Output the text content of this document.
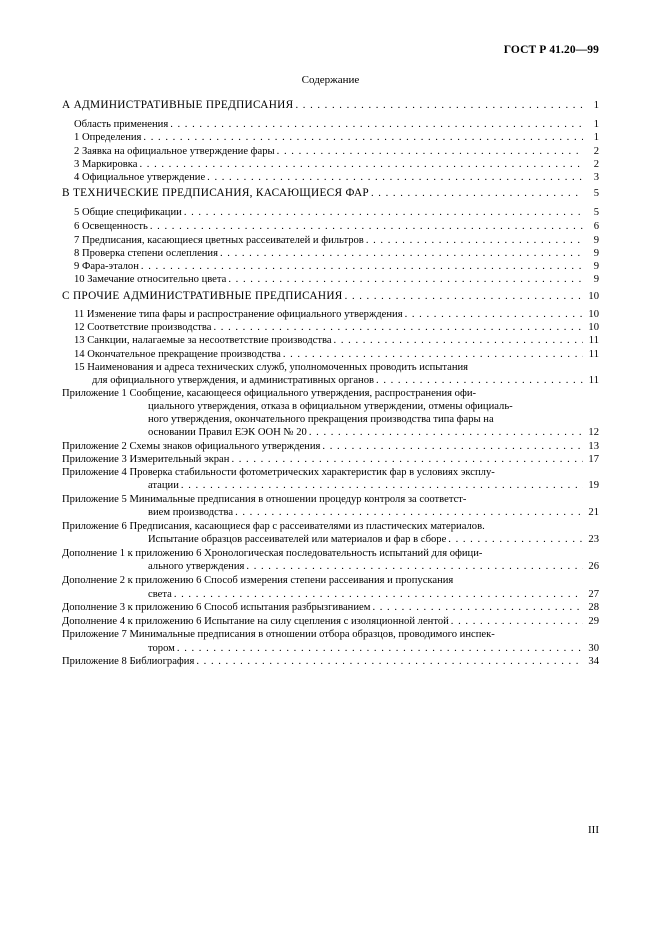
ГОСТ Р 41.20—99
Содержание
А АДМИНИСТРАТИВНЫЕ ПРЕДПИСАНИЯ . . .	1
Область применения . . .	1
1 Определения . . .	1
2 Заявка на официальное утверждение фары . . .	2
3 Маркировка . . .	2
4 Официальное утверждение . . .	3
В ТЕХНИЧЕСКИЕ ПРЕДПИСАНИЯ, КАСАЮЩИЕСЯ ФАР . . .	5
5 Общие спецификации . . .	5
6 Освещенность . . .	6
7 Предписания, касающиеся цветных рассеивателей и фильтров . . .	9
8 Проверка степени ослепления . . .	9
9 Фара-эталон . . .	9
10 Замечание относительно цвета . . .	9
С ПРОЧИЕ АДМИНИСТРАТИВНЫЕ ПРЕДПИСАНИЯ . . .	10
11 Изменение типа фары и распространение официального утверждения . . .	10
12 Соответствие производства . . .	10
13 Санкции, налагаемые за несоответствие производства . . .	11
14 Окончательное прекращение производства . . .	11
15 Наименования и адреса технических служб, уполномоченных проводить испытания
для официального утверждения, и административных органов . . .	11
Приложение 1 Сообщение, касающееся официального утверждения, распространения офи-
циального утверждения, отказа в официальном утверждении, отмены официаль-
ного утверждения, окончательного прекращения производства типа фары на
основании Правил ЕЭК ООН № 20 . . .	12
Приложение 2 Схемы знаков официального утверждения . . .	13
Приложение 3 Измерительный экран . . .	17
Приложение 4 Проверка стабильности фотометрических характеристик фар в условиях эксплу-
атации . . .	19
Приложение 5 Минимальные предписания в отношении процедур контроля за соответст-
вием производства . . .	21
Приложение 6 Предписания, касающиеся фар с рассеивателями из пластических материалов.
Испытание образцов рассеивателей или материалов и фар в сборе . . .	23
Дополнение 1 к приложению 6 Хронологическая последовательность испытаний для офици-
ального утверждения . . .	26
Дополнение 2 к приложению 6 Способ измерения степени рассеивания и пропускания
света . . .	27
Дополнение 3 к приложению 6 Способ испытания разбрызгиванием . . .	28
Дополнение 4 к приложению 6 Испытание на силу сцепления с изоляционной лентой . . .	29
Приложение 7 Минимальные предписания в отношении отбора образцов, проводимого инспек-
тором . . .	30
Приложение 8 Библиография . . .	34
III
